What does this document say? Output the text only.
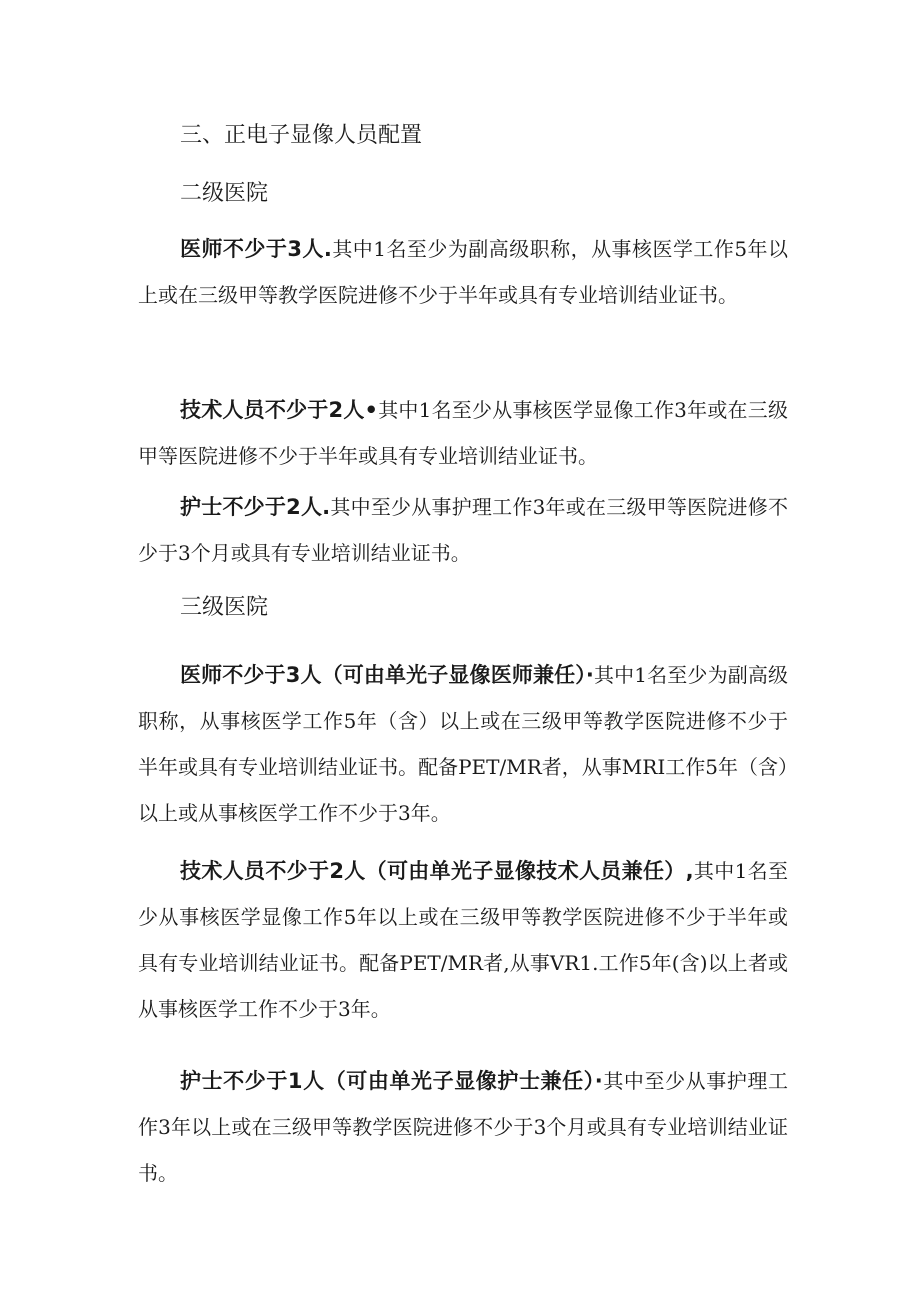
三、正电子显像人员配置
二级医院

医师不少于3人.其中1名至少为副高级职称，从事核医学工作5年以上或在三级甲等教学医院进修不少于半年或具有专业培训结业证书。

技术人员不少于2人•其中1名至少从事核医学显像工作3年或在三级甲等医院进修不少于半年或具有专业培训结业证书。

护士不少于2人.其中至少从事护理工作3年或在三级甲等医院进修不少于3个月或具有专业培训结业证书。

三级医院

医师不少于3人（可由单光子显像医师兼任）·其中1名至少为副高级职称，从事核医学工作5年（含）以上或在三级甲等教学医院进修不少于半年或具有专业培训结业证书。配备PET/MR者，从事MRI工作5年（含）以上或从事核医学工作不少于3年。

技术人员不少于2人（可由单光子显像技术人员兼任）,其中1名至少从事核医学显像工作5年以上或在三级甲等教学医院进修不少于半年或具有专业培训结业证书。配备PET/MR者,从事VR1.工作5年(含)以上者或从事核医学工作不少于3年。

护士不少于1人（可由单光子显像护士兼任）·其中至少从事护理工作3年以上或在三级甲等教学医院进修不少于3个月或具有专业培训结业证书。
